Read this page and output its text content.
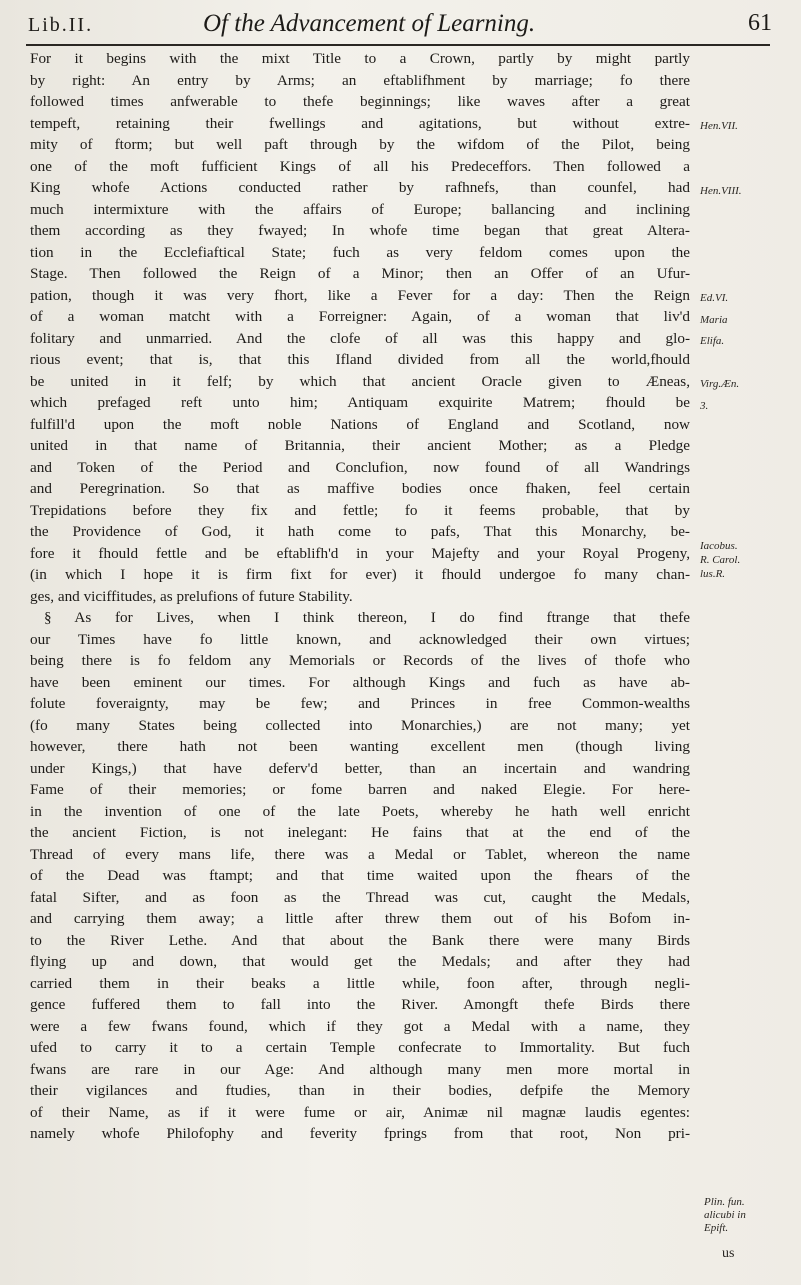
Lib.II.	Of the Advancement of Learning.	61
For it begins with the mixt Title to a Crown, partly by might partly
by right: An entry by Arms; an eftablifhment by marriage; fo there
followed times anfwerable to thefe beginnings; like waves after a great
tempeft, retaining their fwellings and agitations, but without extre-
mity of ftorm; but well paft through by the wifdom of the Pilot, being
one of the moft fufficient Kings of all his Predeceffors. Then followed a
King whofe Actions conducted rather by rafhnefs, than counfel, had
much intermixture with the affairs of Europe; ballancing and inclining
them according as they fwayed; In whofe time began that great Altera-
tion in the Ecclefiaftical State; fuch as very feldom comes upon the
Stage. Then followed the Reign of a Minor; then an Offer of an Ufur-
pation, though it was very fhort, like a Fever for a day: Then the Reign
of a woman matcht with a Forreigner: Again, of a woman that liv'd
folitary and unmarried. And the clofe of all was this happy and glo-
rious event; that is, that this Ifland divided from all the world,fhould
be united in it felf; by which that ancient Oracle given to Æneas,
which prefaged reft unto him; Antiquam exquirite Matrem; fhould be
fulfill'd upon the moft noble Nations of England and Scotland, now
united in that name of Britannia, their ancient Mother; as a Pledge
and Token of the Period and Conclufion, now found of all Wandrings
and Peregrination. So that as maffive bodies once fhaken, feel certain
Trepidations before they fix and fettle; fo it feems probable, that by
the Providence of God, it hath come to pafs, That this Monarchy, be-
fore it fhould fettle and be eftablifh'd in your Majefty and your Royal Progeny,
(in which I hope it is firm fixt for ever) it fhould undergoe fo many chan-
ges, and viciffitudes, as prelufions of future Stability.
§ As for Lives, when I think thereon, I do find ftrange that thefe
our Times have fo little known, and acknowledged their own virtues;
being there is fo feldom any Memorials or Records of the lives of thofe who
have been eminent our times. For although Kings and fuch as have ab-
folute foveraignty, may be few; and Princes in free Common-wealths
(fo many States being collected into Monarchies,) are not many; yet
however, there hath not been wanting excellent men (though living
under Kings,) that have deferv'd better, than an incertain and wandring
Fame of their memories; or fome barren and naked Elegie. For here-
in the invention of one of the late Poets, whereby he hath well enricht
the ancient Fiction, is not inelegant: He fains that at the end of the
Thread of every mans life, there was a Medal or Tablet, whereon the name
of the Dead was ftampt; and that time waited upon the fhears of the
fatal Sifter, and as foon as the Thread was cut, caught the Medals,
and carrying them away; a little after threw them out of his Bofom in-
to the River Lethe. And that about the Bank there were many Birds
flying up and down, that would get the Medals; and after they had
carried them in their beaks a little while, foon after, through negli-
gence fuffered them to fall into the River. Amongft thefe Birds there
were a few fwans found, which if they got a Medal with a name, they
ufed to carry it to a certain Temple confecrate to Immortality. But fuch
fwans are rare in our Age: And although many men more mortal in
their vigilances and ftudies, than in their bodies, defpife the Memory
of their Name, as if it were fume or air, Animæ nil magnæ laudis egentes:
namely whofe Philofophy and feverity fprings from that root, Non pri-
us
Hen.VII.
Hen.VIII.
Ed.VI.
Maria
Elifa.
Virg.Æn.
3.
Iacobus.
R. Carol.
lus.R.
Plin. fun.
alicubi in
Epift.
